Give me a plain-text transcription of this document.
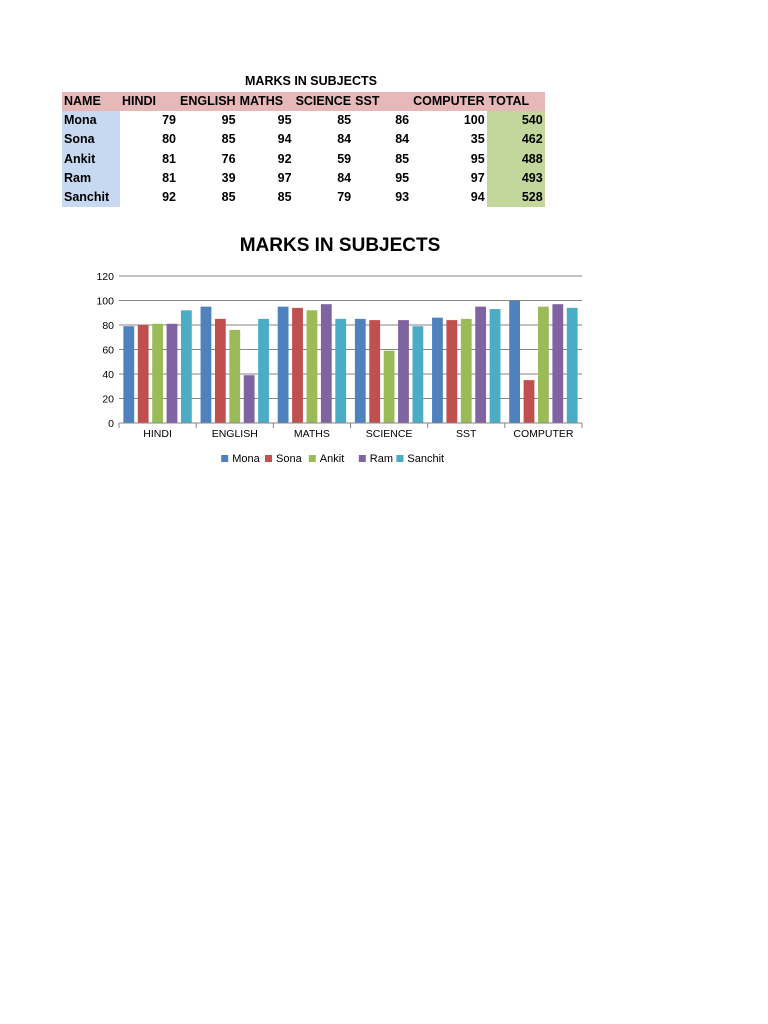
MARKS IN SUBJECTS
NAME	HINDI	ENGLISH	MATHS	SCIENCE	SST	COMPUTER	TOTAL
Mona	79	95	95	85	86	100	540
Sona	80	85	94	84	84	35	462
Ankit	81	76	92	59	85	95	488
Ram	81	39	97	84	95	97	493
Sanchit	92	85	85	79	93	94	528
MARKS IN SUBJECTS
0
20
40
60
80
100
120
HINDI	ENGLISH	MATHS	SCIENCE	SST	COMPUTER
Mona Sona Ankit Ram Sanchit
